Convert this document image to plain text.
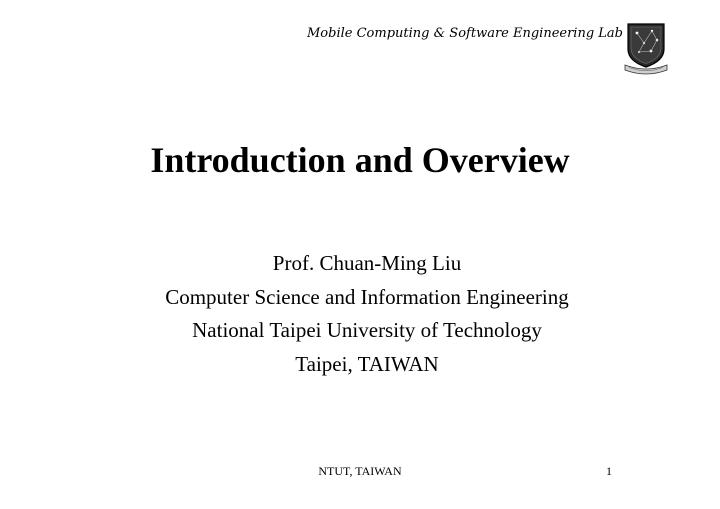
Mobile Computing & Software Engineering Lab
Introduction and Overview
Prof. Chuan-Ming Liu
Computer Science and Information Engineering
National Taipei University of Technology
Taipei, TAIWAN
NTUT, TAIWAN	1
